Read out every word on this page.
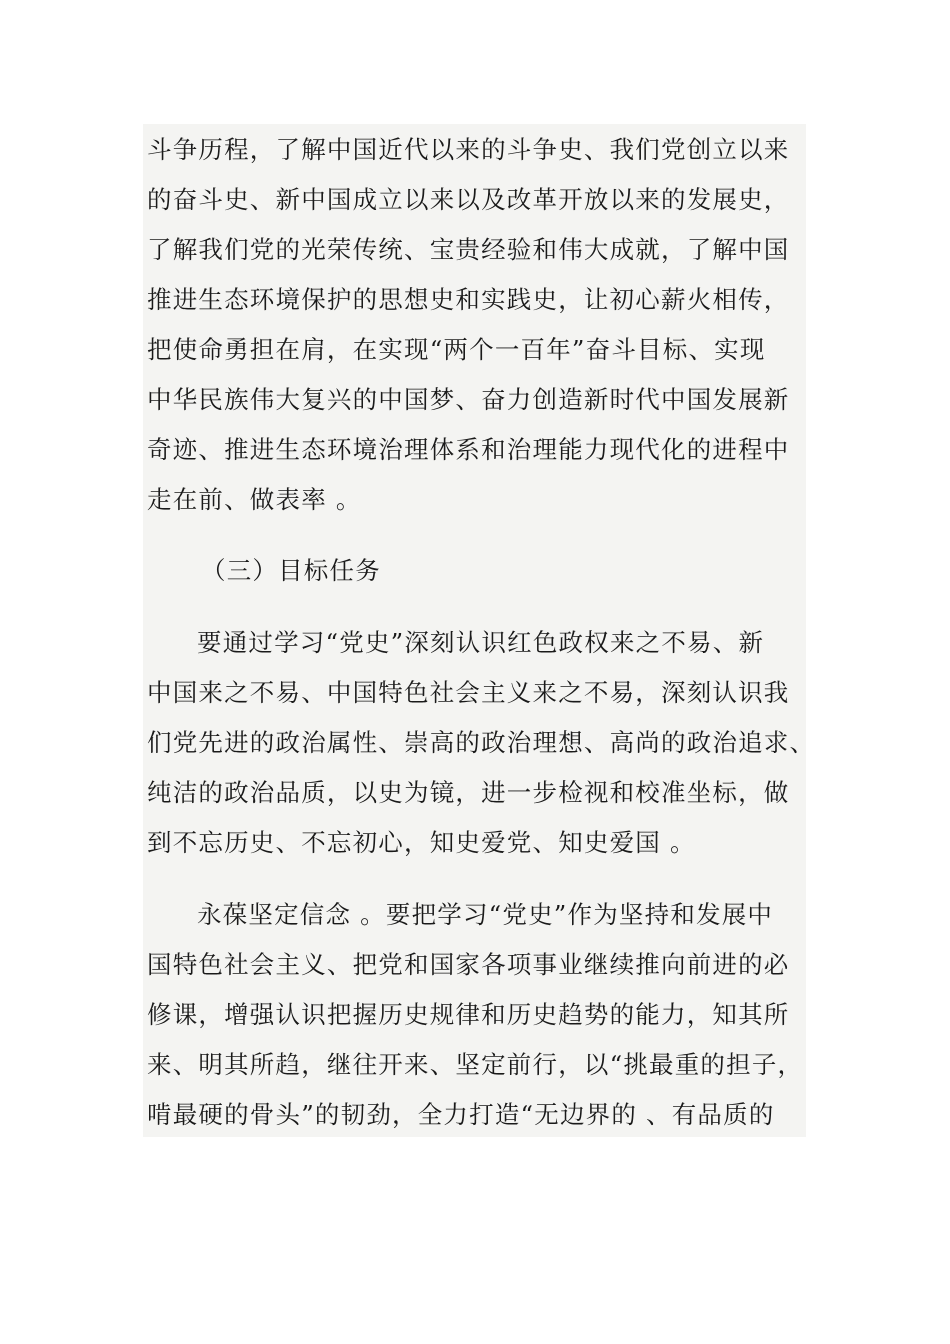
斗争历程，了解中国近代以来的斗争史、我们党创立以来
的奋斗史、新中国成立以来以及改革开放以来的发展史，
了解我们党的光荣传统、宝贵经验和伟大成就，了解中国
推进生态环境保护的思想史和实践史，让初心薪火相传，
把使命勇担在肩，在实现“两个一百年”奋斗目标、实现
中华民族伟大复兴的中国梦、奋力创造新时代中国发展新
奇迹、推进生态环境治理体系和治理能力现代化的进程中
走在前、做表率 。
（三）目标任务
要通过学习“党史”深刻认识红色政权来之不易、新
中国来之不易、中国特色社会主义来之不易，深刻认识我
们党先进的政治属性、崇高的政治理想、高尚的政治追求、
纯洁的政治品质，以史为镜，进一步检视和校准坐标，做
到不忘历史、不忘初心，知史爱党、知史爱国 。
永葆坚定信念 。要把学习“党史”作为坚持和发展中
国特色社会主义、把党和国家各项事业继续推向前进的必
修课，增强认识把握历史规律和历史趋势的能力，知其所
来、明其所趋，继往开来、坚定前行，以“挑最重的担子，
啃最硬的骨头”的韧劲，全力打造“无边界的 、有品质的
